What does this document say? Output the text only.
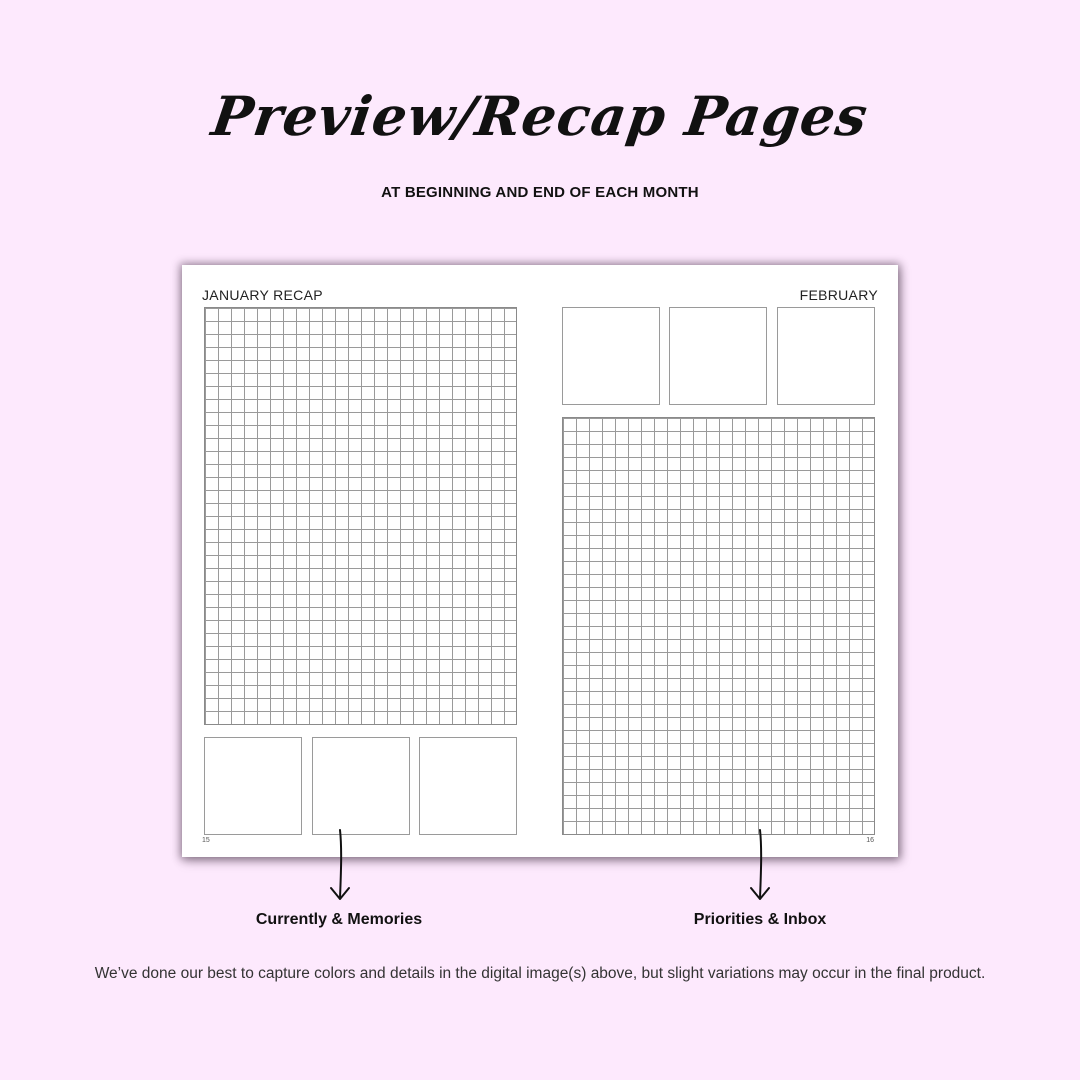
Preview/Recap Pages
AT BEGINNING AND END OF EACH MONTH
JANUARY RECAP	FEBRUARY
15	16
Currently & Memories	Priorities & Inbox
We’ve done our best to capture colors and details in the digital image(s) above, but slight variations may occur in the final product.
